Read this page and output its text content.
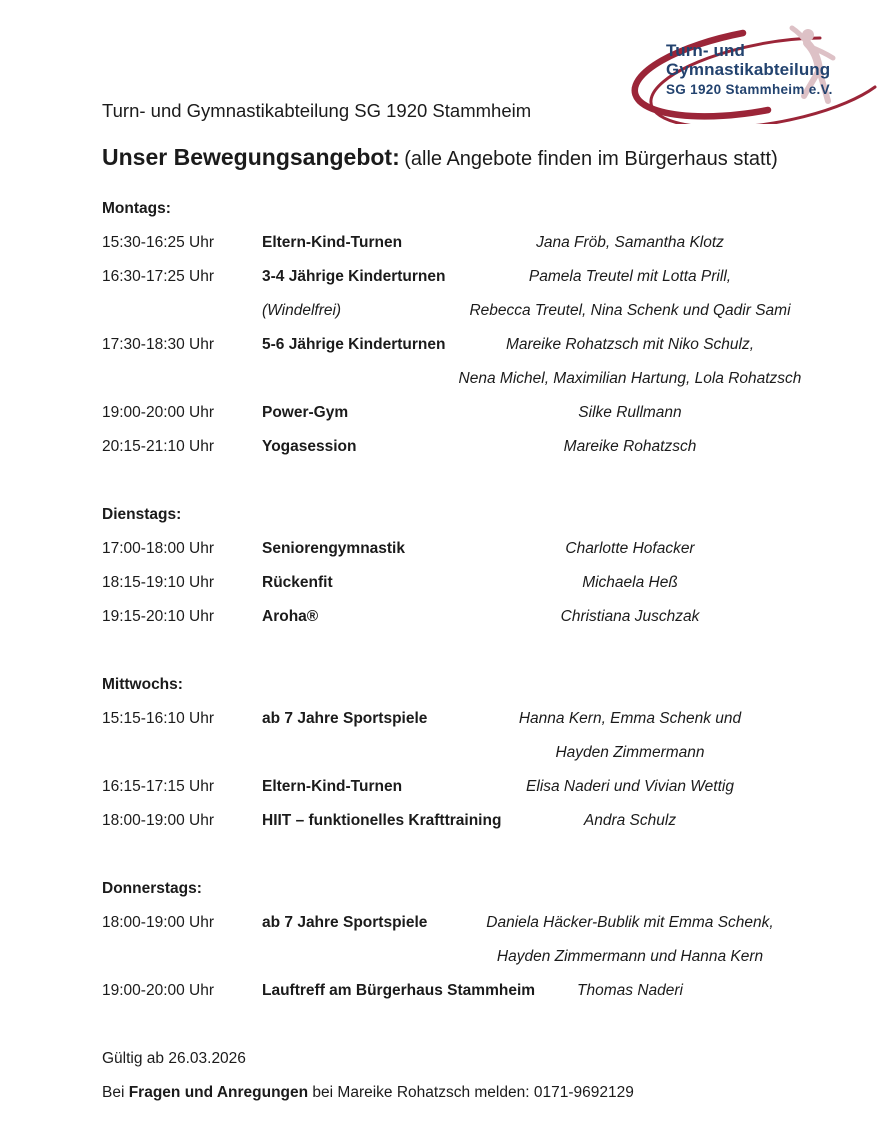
Turn- und
Gymnastikabteilung
SG 1920 Stammheim e.V.
Turn- und Gymnastikabteilung SG 1920 Stammheim
Unser Bewegungsangebot: (alle Angebote finden im Bürgerhaus statt)
Montags:
15:30-16:25 Uhr	Eltern-Kind-Turnen	Jana Fröb, Samantha Klotz
16:30-17:25 Uhr	3-4 Jährige Kinderturnen	Pamela Treutel mit Lotta Prill,
(Windelfrei)	Rebecca Treutel, Nina Schenk und Qadir Sami
17:30-18:30 Uhr	5-6 Jährige Kinderturnen	Mareike Rohatzsch mit Niko Schulz,
Nena Michel, Maximilian Hartung, Lola Rohatzsch
19:00-20:00 Uhr	Power-Gym	Silke Rullmann
20:15-21:10 Uhr	Yogasession	Mareike Rohatzsch
Dienstags:
17:00-18:00 Uhr	Seniorengymnastik	Charlotte Hofacker
18:15-19:10 Uhr	Rückenfit	Michaela Heß
19:15-20:10 Uhr	Aroha®	Christiana Juschzak
Mittwochs:
15:15-16:10 Uhr	ab 7 Jahre Sportspiele	Hanna Kern, Emma Schenk und
Hayden Zimmermann
16:15-17:15 Uhr	Eltern-Kind-Turnen	Elisa Naderi und Vivian Wettig
18:00-19:00 Uhr	HIIT – funktionelles Krafttraining	Andra Schulz
Donnerstags:
18:00-19:00 Uhr	ab 7 Jahre Sportspiele	Daniela Häcker-Bublik mit Emma Schenk,
Hayden Zimmermann und Hanna Kern
19:00-20:00 Uhr	Lauftreff am Bürgerhaus Stammheim	Thomas Naderi
Gültig ab 26.03.2026
Bei Fragen und Anregungen bei Mareike Rohatzsch melden: 0171-9692129
